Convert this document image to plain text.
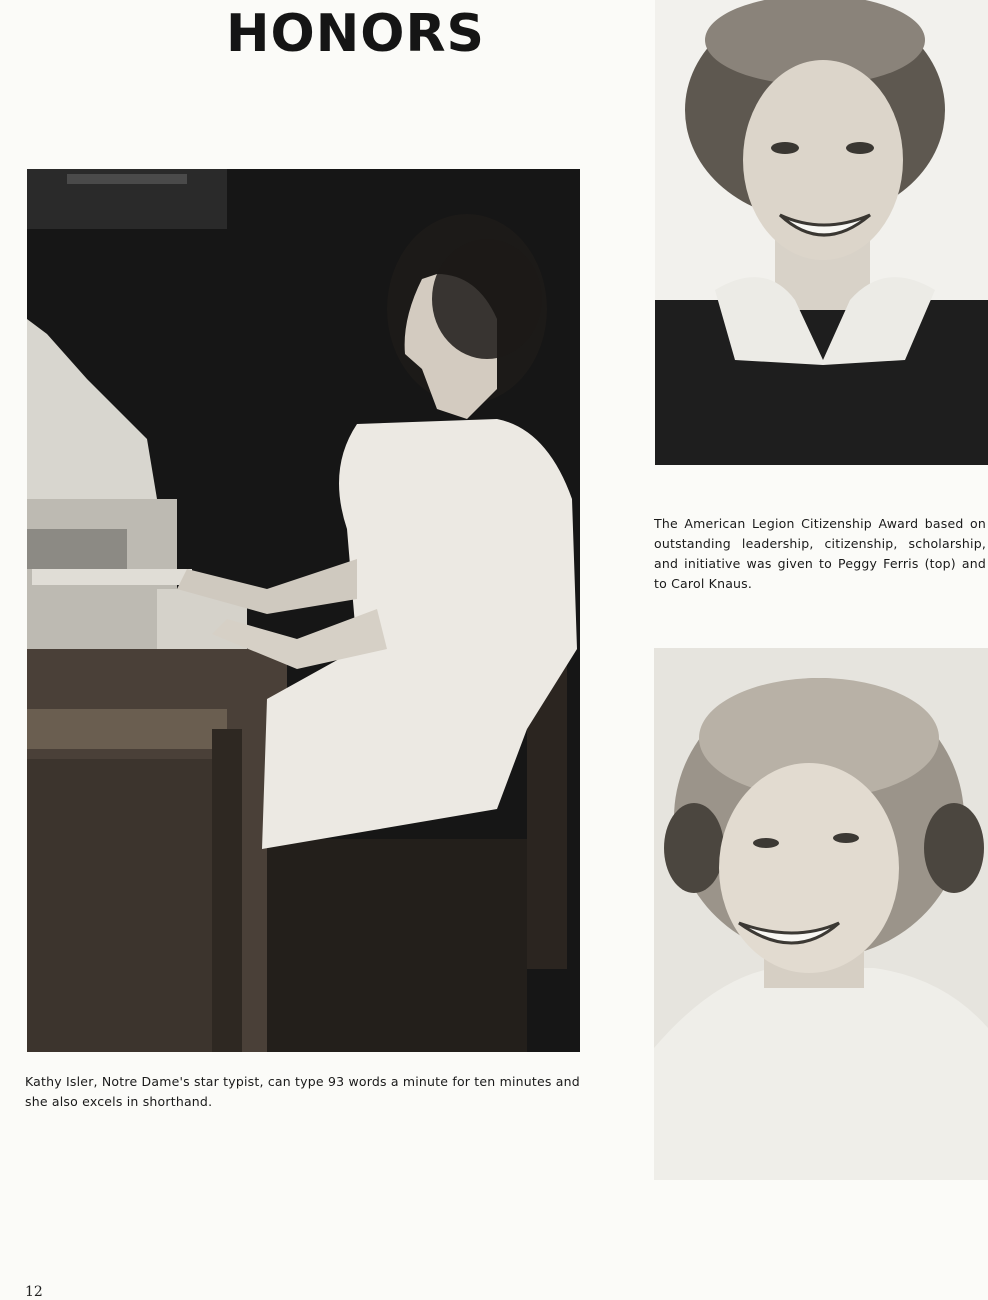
HONORS
The American Legion Citizenship Award based on outstanding leadership, citizenship, scholarship, and initiative was given to Peggy Ferris (top) and to Carol Knaus.
Kathy Isler, Notre Dame's star typist, can type 93 words a minute for ten minutes and she also excels in shorthand.
12
